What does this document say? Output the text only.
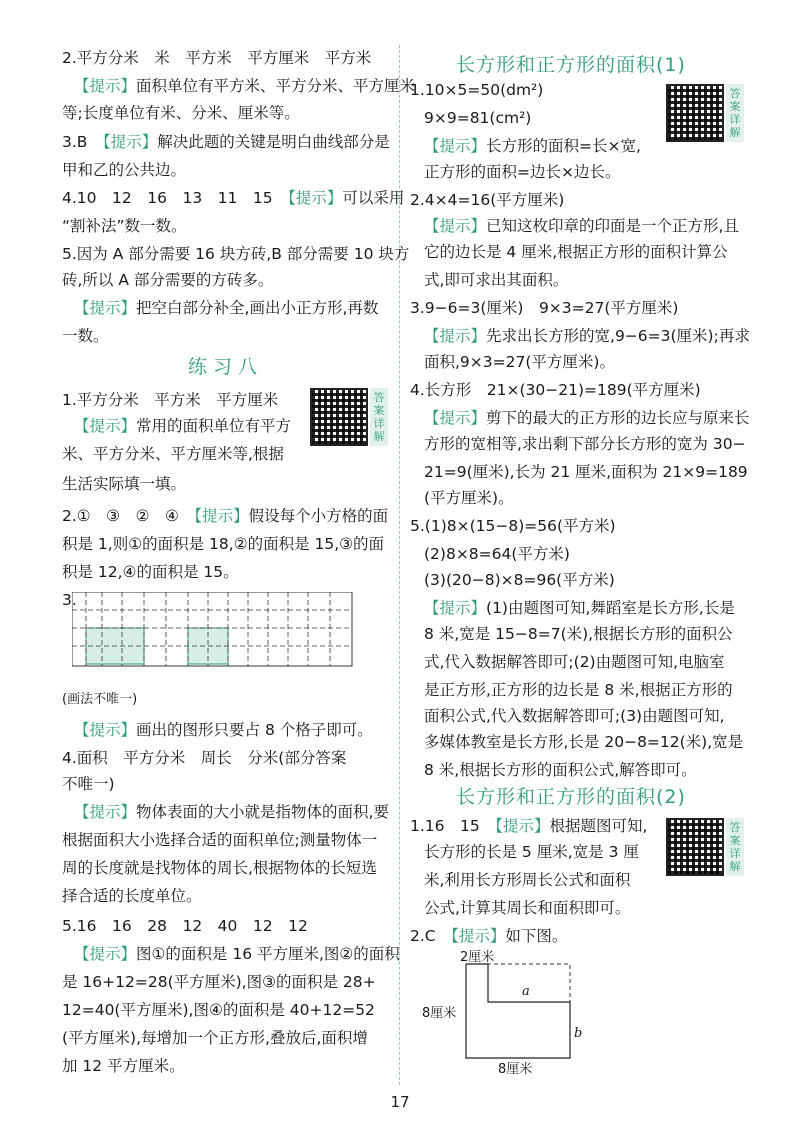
2.平方分米　米　平方米　平方厘米　平方米
【提示】面积单位有平方米、平方分米、平方厘米
等;长度单位有米、分米、厘米等。
3.B　【提示】解决此题的关键是明白曲线部分是
甲和乙的公共边。
4.10　12　16　13　11　15　【提示】可以采用
“割补法”数一数。
5.因为 A 部分需要 16 块方砖,B 部分需要 10 块方
砖,所以 A 部分需要的方砖多。
【提示】把空白部分补全,画出小正方形,再数
一数。
练习八
1.平方分米　平方米　平方厘米	答案详解
【提示】常用的面积单位有平方
米、平方分米、平方厘米等,根据
生活实际填一填。
2.①　③　②　④　【提示】假设每个小方格的面
积是 1,则①的面积是 18,②的面积是 15,③的面
积是 12,④的面积是 15。
3.
(画法不唯一)
【提示】画出的图形只要占 8 个格子即可。
4.面积　平方分米　周长　分米(部分答案
不唯一)
【提示】物体表面的大小就是指物体的面积,要
根据面积大小选择合适的面积单位;测量物体一
周的长度就是找物体的周长,根据物体的长短选
择合适的长度单位。
5.16　16　28　12　40　12　12
【提示】图①的面积是 16 平方厘米,图②的面积
是 16+12=28(平方厘米),图③的面积是 28+
12=40(平方厘米),图④的面积是 40+12=52
(平方厘米),每增加一个正方形,叠放后,面积增
加 12 平方厘米。
长方形和正方形的面积(1)
1.10×5=50(dm²)	答案详解
9×9=81(cm²)
【提示】长方形的面积=长×宽,
正方形的面积=边长×边长。
2.4×4=16(平方厘米)
【提示】已知这枚印章的印面是一个正方形,且
它的边长是 4 厘米,根据正方形的面积计算公
式,即可求出其面积。
3.9−6=3(厘米)　9×3=27(平方厘米)
【提示】先求出长方形的宽,9−6=3(厘米);再求
面积,9×3=27(平方厘米)。
4.长方形　21×(30−21)=189(平方厘米)
【提示】剪下的最大的正方形的边长应与原来长
方形的宽相等,求出剩下部分长方形的宽为 30−
21=9(厘米),长为 21 厘米,面积为 21×9=189
(平方厘米)。
5.(1)8×(15−8)=56(平方米)
(2)8×8=64(平方米)
(3)(20−8)×8=96(平方米)
【提示】(1)由题图可知,舞蹈室是长方形,长是
8 米,宽是 15−8=7(米),根据长方形的面积公
式,代入数据解答即可;(2)由题图可知,电脑室
是正方形,正方形的边长是 8 米,根据正方形的
面积公式,代入数据解答即可;(3)由题图可知,
多媒体教室是长方形,长是 20−8=12(米),宽是
8 米,根据长方形的面积公式,解答即可。
长方形和正方形的面积(2)
1.16　15　【提示】根据题图可知,	答案详解
长方形的长是 5 厘米,宽是 3 厘
米,利用长方形周长公式和面积
公式,计算其周长和面积即可。
2.C　【提示】如下图。
2厘米
8厘米
8厘米
a
b
17
